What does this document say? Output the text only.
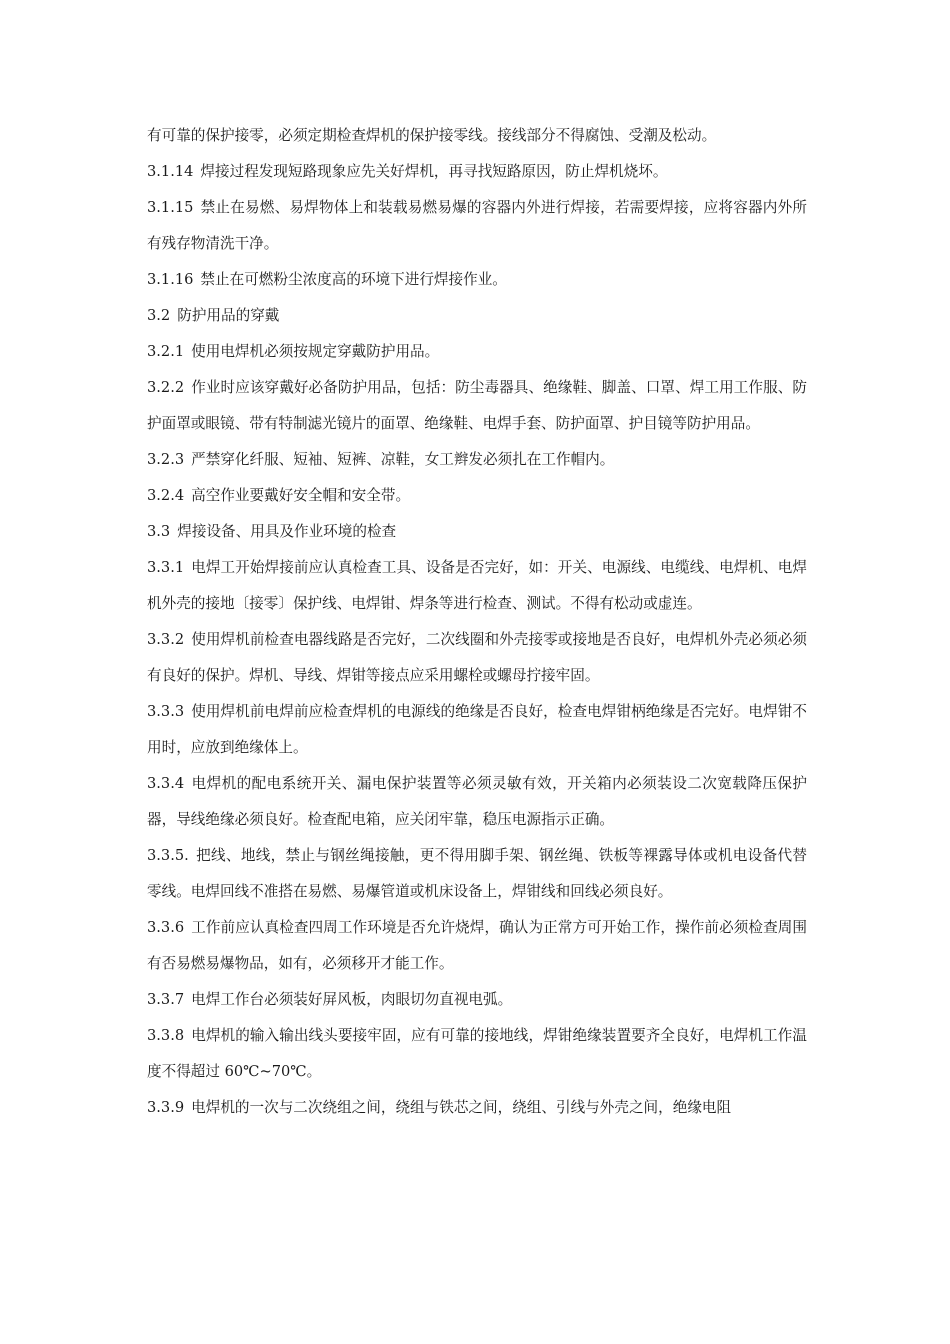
有可靠的保护接零，必须定期检查焊机的保护接零线。接线部分不得腐蚀、受潮及松动。

3.1.14 焊接过程发现短路现象应先关好焊机，再寻找短路原因，防止焊机烧坏。

3.1.15 禁止在易燃、易焊物体上和装载易燃易爆的容器内外进行焊接，若需要焊接，应将容器内外所有残存物清洗干净。

3.1.16 禁止在可燃粉尘浓度高的环境下进行焊接作业。

3.2 防护用品的穿戴

3.2.1 使用电焊机必须按规定穿戴防护用品。

3.2.2 作业时应该穿戴好必备防护用品，包括：防尘毒器具、绝缘鞋、脚盖、口罩、焊工用工作服、防护面罩或眼镜、带有特制滤光镜片的面罩、绝缘鞋、电焊手套、防护面罩、护目镜等防护用品。

3.2.3 严禁穿化纤服、短袖、短裤、凉鞋，女工辫发必须扎在工作帽内。

3.2.4 高空作业要戴好安全帽和安全带。

3.3 焊接设备、用具及作业环境的检查

3.3.1 电焊工开始焊接前应认真检查工具、设备是否完好，如：开关、电源线、电缆线、电焊机、电焊机外壳的接地〔接零〕保护线、电焊钳、焊条等进行检查、测试。不得有松动或虚连。

3.3.2 使用焊机前检查电器线路是否完好，二次线圈和外壳接零或接地是否良好，电焊机外壳必须必须有良好的保护。焊机、导线、焊钳等接点应采用螺栓或螺母拧接牢固。

3.3.3 使用焊机前电焊前应检查焊机的电源线的绝缘是否良好，检查电焊钳柄绝缘是否完好。电焊钳不用时，应放到绝缘体上。

3.3.4 电焊机的配电系统开关、漏电保护装置等必须灵敏有效，开关箱内必须装设二次宽载降压保护器，导线绝缘必须良好。检查配电箱，应关闭牢靠，稳压电源指示正确。

3.3.5. 把线、地线，禁止与钢丝绳接触，更不得用脚手架、钢丝绳、铁板等裸露导体或机电设备代替零线。电焊回线不准搭在易燃、易爆管道或机床设备上，焊钳线和回线必须良好。

3.3.6 工作前应认真检查四周工作环境是否允许烧焊，确认为正常方可开始工作，操作前必须检查周围有否易燃易爆物品，如有，必须移开才能工作。

3.3.7 电焊工作台必须装好屏风板，肉眼切勿直视电弧。

3.3.8 电焊机的输入输出线头要接牢固，应有可靠的接地线，焊钳绝缘装置要齐全良好，电焊机工作温度不得超过 60℃~70℃。

3.3.9 电焊机的一次与二次绕组之间，绕组与铁芯之间，绕组、引线与外壳之间，绝缘电阻
